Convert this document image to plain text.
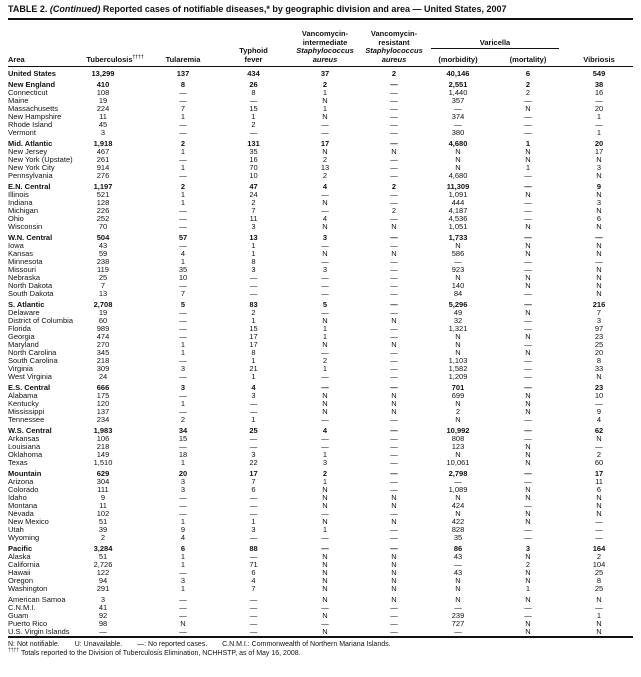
TABLE 2. (Continued) Reported cases of notifiable diseases,* by geographic division and area — United States, 2007
Area	Tuberculosis††††	Tularemia	Typhoid
fever	Vancomycin-
intermediate
Staphylococcus
aureus	Vancomycin-
resistant
Staphylococcus
aureus	Varicella		Vibriosis
						(morbidity)	(mortality)	
United States	13,299	137	434	37	2	40,146	6	549
New England	410	8	26	2	—	2,551	2	38
Connecticut	108	—	8	1	—	1,440	2	16
Maine	19	—	—	N	—	357	—	—
Massachusetts	224	7	15	1	—	—	N	20
New Hampshire	11	1	1	N	—	374	—	1
Rhode Island	45	—	2	—	—	—	—	—
Vermont	3	—	—	—	—	380	—	1
Mid. Atlantic	1,918	2	131	17	—	4,680	1	20
New Jersey	467	1	35	N	N	N	N	17
New York (Upstate)	261	—	16	2	—	N	N	N
New York City	914	1	70	13	—	N	1	3
Pennsylvania	276	—	10	2	—	4,680	—	N
E.N. Central	1,197	2	47	4	2	11,309	—	9
Illinois	521	1	24	—	—	1,091	N	N
Indiana	128	1	2	N	—	444	—	3
Michigan	226	—	7	—	2	4,187	—	N
Ohio	252	—	11	4	—	4,536	—	6
Wisconsin	70	—	3	N	N	1,051	N	N
W.N. Central	504	57	13	3	—	1,733	—	—
Iowa	43	—	1	—	—	N	N	N
Kansas	59	4	1	N	N	586	N	N
Minnesota	238	1	8	—	—	—	—	—
Missouri	119	35	3	3	—	923	—	N
Nebraska	25	10	—	—	—	N	N	N
North Dakota	7	—	—	—	—	140	N	N
South Dakota	13	7	—	—	—	84	—	N
S. Atlantic	2,708	5	83	5	—	5,296	—	216
Delaware	19	—	2	—	—	49	N	7
District of Columbia	60	—	1	N	N	32	—	3
Florida	989	—	15	1	—	1,321	—	97
Georgia	474	—	17	1	—	N	N	23
Maryland	270	1	17	N	N	N	—	25
North Carolina	345	1	8	—	—	N	N	20
South Carolina	218	—	1	2	—	1,103	—	8
Virginia	309	3	21	1	—	1,582	—	33
West Virginia	24	—	1	—	—	1,209	—	N
E.S. Central	666	3	4	—	—	701	—	23
Alabama	175	—	3	N	N	699	N	10
Kentucky	120	1	—	N	N	N	N	—
Mississippi	137	—	—	N	N	2	N	9
Tennessee	234	2	1	—	—	N	—	4
W.S. Central	1,983	34	25	4	—	10,992	—	62
Arkansas	106	15	—	—	—	808	—	N
Louisiana	218	—	—	—	—	123	N	—
Oklahoma	149	18	3	1	—	N	N	2
Texas	1,510	1	22	3	—	10,061	N	60
Mountain	629	20	17	2	—	2,798	—	17
Arizona	304	3	7	1	—	—	—	11
Colorado	111	3	6	N	—	1,089	N	6
Idaho	9	—	—	N	N	N	N	N
Montana	11	—	—	N	N	424	—	N
Nevada	102	—	—	—	—	N	N	N
New Mexico	51	1	1	N	N	422	N	—
Utah	39	9	3	1	—	828	—	—
Wyoming	2	4	—	—	—	35	—	—
Pacific	3,284	6	88	—	—	86	3	164
Alaska	51	1	—	N	N	43	N	2
California	2,726	1	71	N	N	—	2	104
Hawaii	122	—	6	N	N	43	N	25
Oregon	94	3	4	N	N	N	N	8
Washington	291	1	7	N	N	N	1	25
American Samoa	3	—	—	N	N	N	N	N
C.N.M.I.	41	—	—	—	—	—	—	—
Guam	92	—	—	N	—	239	—	1
Puerto Rico	98	N	—	—	—	727	N	N
U.S. Virgin Islands	—	—	—	N	—	—	N	N
N: Not notifiable. U: Unavailable. —: No reported cases. C.N.M.I.: Commonwealth of Northern Mariana Islands.
†††† Totals reported to the Division of Tuberculosis Elimination, NCHHSTP, as of May 16, 2008.
